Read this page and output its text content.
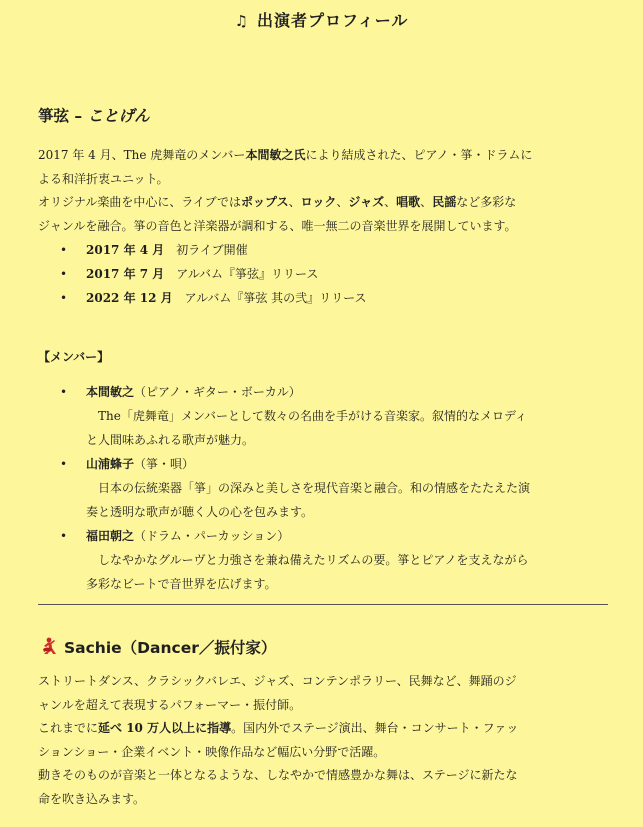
♫ 出演者プロフィール
箏弦 – ことげん

2017 年 4 月、The 虎舞竜のメンバー本間敏之氏により結成された、ピアノ・箏・ドラムに

よる和洋折衷ユニット。

オリジナル楽曲を中心に、ライブではポップス、ロック、ジャズ、唱歌、民謡など多彩な

ジャンルを融合。箏の音色と洋楽器が調和する、唯一無二の音楽世界を展開しています。

• 2017 年 4 月 初ライブ開催
• 2017 年 7 月 アルバム『箏弦』リリース
• 2022 年 12 月 アルバム『箏弦 其の弐』リリース

【メンバー】

• 本間敏之（ピアノ・ギター・ボーカル）
The「虎舞竜」メンバーとして数々の名曲を手がける音楽家。叙情的なメロディ
と人間味あふれる歌声が魅力。
• 山浦蜂子（箏・唄）
日本の伝統楽器「箏」の深みと美しさを現代音楽と融合。和の情感をたたえた演
奏と透明な歌声が聴く人の心を包みます。
• 福田朝之（ドラム・パーカッション）
しなやかなグルーヴと力強さを兼ね備えたリズムの要。箏とピアノを支えながら
多彩なビートで音世界を広げます。
Sachie（Dancer／振付家）

ストリートダンス、クラシックバレエ、ジャズ、コンテンポラリー、民舞など、舞踊のジ

ャンルを超えて表現するパフォーマー・振付師。

これまでに延べ 10 万人以上に指導。国内外でステージ演出、舞台・コンサート・ファッ

ションショー・企業イベント・映像作品など幅広い分野で活躍。

動きそのものが音楽と一体となるような、しなやかで情感豊かな舞は、ステージに新たな

命を吹き込みます。
